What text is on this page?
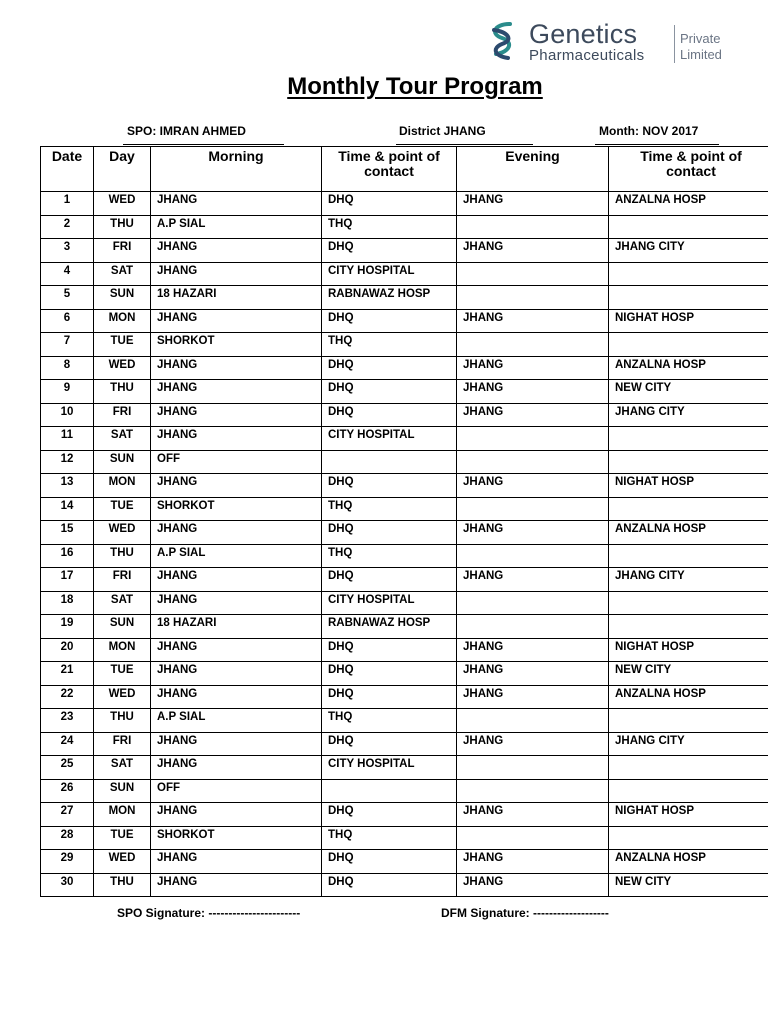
Genetics
Pharmaceuticals
Private
Limited
Monthly Tour Program
SPO: IMRAN AHMED	District JHANG	Month: NOV 2017
Date	Day	Morning	Time & point of contact	Evening	Time & point of contact
1	WED	JHANG	DHQ	JHANG	ANZALNA HOSP
2	THU	A.P SIAL	THQ		
3	FRI	JHANG	DHQ	JHANG	JHANG CITY
4	SAT	JHANG	CITY HOSPITAL		
5	SUN	18 HAZARI	RABNAWAZ HOSP		
6	MON	JHANG	DHQ	JHANG	NIGHAT HOSP
7	TUE	SHORKOT	THQ		
8	WED	JHANG	DHQ	JHANG	ANZALNA HOSP
9	THU	JHANG	DHQ	JHANG	NEW CITY
10	FRI	JHANG	DHQ	JHANG	JHANG CITY
11	SAT	JHANG	CITY HOSPITAL		
12	SUN	OFF			
13	MON	JHANG	DHQ	JHANG	NIGHAT HOSP
14	TUE	SHORKOT	THQ		
15	WED	JHANG	DHQ	JHANG	ANZALNA HOSP
16	THU	A.P SIAL	THQ		
17	FRI	JHANG	DHQ	JHANG	JHANG CITY
18	SAT	JHANG	CITY HOSPITAL		
19	SUN	18 HAZARI	RABNAWAZ HOSP		
20	MON	JHANG	DHQ	JHANG	NIGHAT HOSP
21	TUE	JHANG	DHQ	JHANG	NEW CITY
22	WED	JHANG	DHQ	JHANG	ANZALNA HOSP
23	THU	A.P SIAL	THQ		
24	FRI	JHANG	DHQ	JHANG	JHANG CITY
25	SAT	JHANG	CITY HOSPITAL		
26	SUN	OFF			
27	MON	JHANG	DHQ	JHANG	NIGHAT HOSP
28	TUE	SHORKOT	THQ		
29	WED	JHANG	DHQ	JHANG	ANZALNA HOSP
30	THU	JHANG	DHQ	JHANG	NEW CITY
SPO Signature: -----------------------	DFM Signature: -------------------
